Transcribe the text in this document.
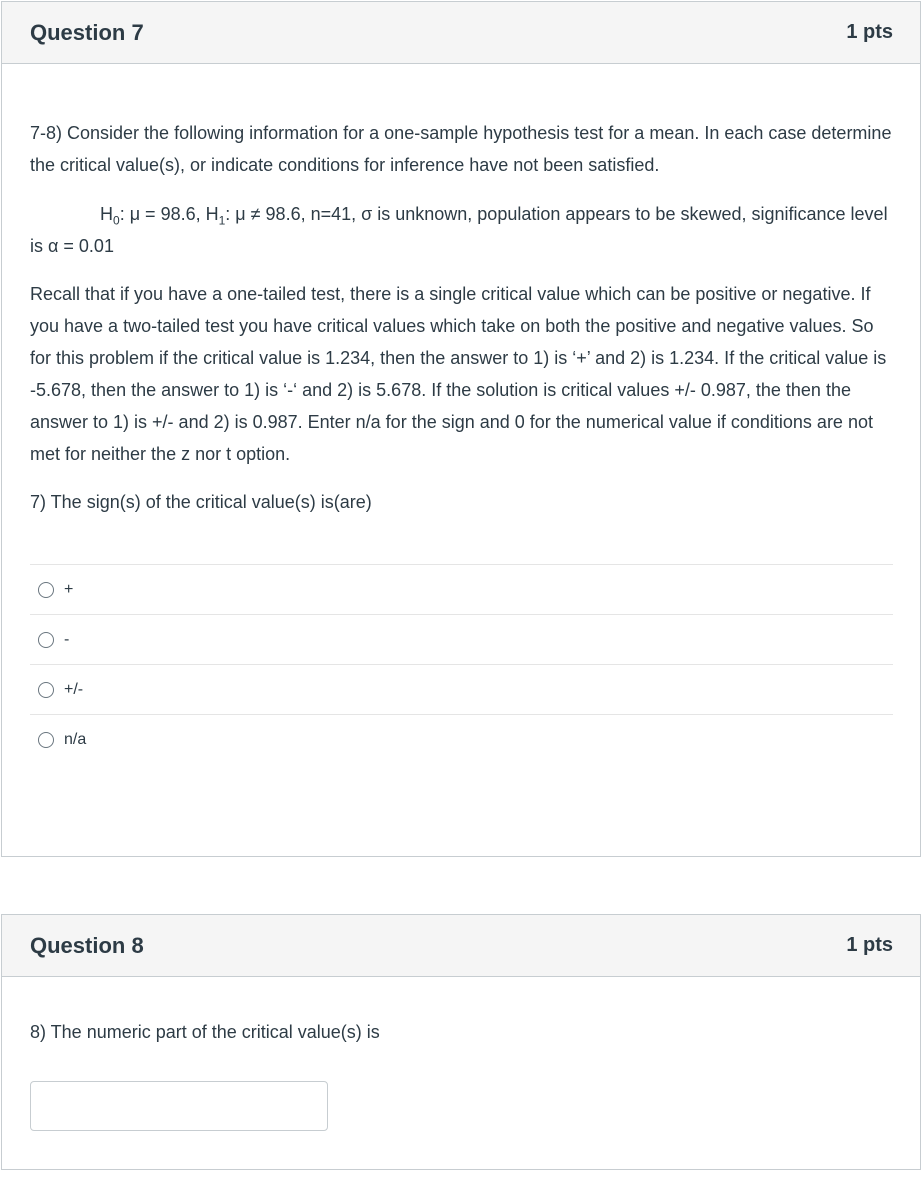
Question 7	1 pts

7-8) Consider the following information for a one-sample hypothesis test for a mean. In each case determine the critical value(s), or indicate conditions for inference have not been satisfied.

$H_0$: μ = 98.6, $H_1$: μ ≠ 98.6, n=41, σ is unknown, population appears to be skewed, significance level is α = 0.01

Recall that if you have a one-tailed test, there is a single critical value which can be positive or negative. If you have a two-tailed test you have critical values which take on both the positive and negative values. So for this problem if the critical value is 1.234, then the answer to 1) is ‘+’ and 2) is 1.234. If the critical value is -5.678, then the answer to 1) is ‘-‘ and 2) is 5.678. If the solution is critical values +/- 0.987, the then the answer to 1) is +/- and 2) is 0.987. Enter n/a for the sign and 0 for the numerical value if conditions are not met for neither the z nor t option.

7) The sign(s) of the critical value(s) is(are)

+
-
+/-
n/a
Question 8	1 pts

8) The numeric part of the critical value(s) is
